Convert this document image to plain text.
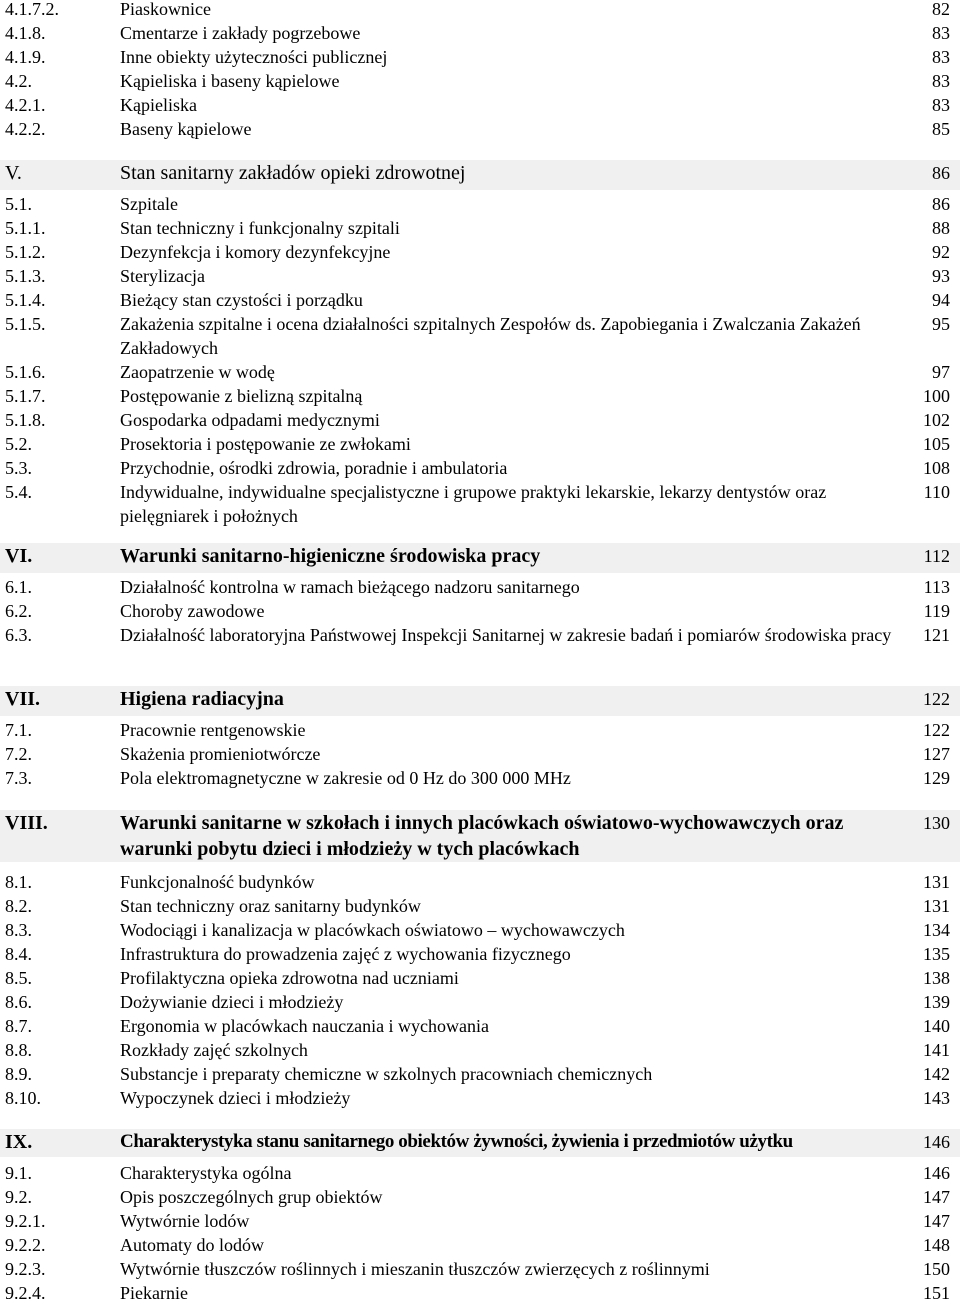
4.1.7.2.	Piaskownice	82
4.1.8.	Cmentarze i zakłady pogrzebowe	83
4.1.9.	Inne obiekty użyteczności publicznej	83
4.2.	Kąpieliska i baseny kąpielowe	83
4.2.1.	Kąpieliska	83
4.2.2.	Baseny kąpielowe	85
V.	Stan sanitarny zakładów opieki zdrowotnej	86
5.1.	Szpitale	86
5.1.1.	Stan techniczny i funkcjonalny szpitali	88
5.1.2.	Dezynfekcja i komory dezynfekcyjne	92
5.1.3.	Sterylizacja	93
5.1.4.	Bieżący stan czystości i porządku	94
5.1.5.	Zakażenia szpitalne i ocena działalności szpitalnych Zespołów ds. Zapobiegania i Zwalczania Zakażeń Zakładowych
95
5.1.6.	Zaopatrzenie w wodę	97
5.1.7.	Postępowanie z bielizną szpitalną	100
5.1.8.	Gospodarka odpadami medycznymi	102
5.2.	Prosektoria i postępowanie ze zwłokami	105
5.3.	Przychodnie, ośrodki zdrowia, poradnie i ambulatoria	108
5.4.	Indywidualne, indywidualne specjalistyczne i grupowe praktyki lekarskie, lekarzy dentystów oraz pielęgniarek i położnych
110
VI.	Warunki sanitarno-higieniczne środowiska pracy	112
6.1.	Działalność kontrolna w ramach bieżącego nadzoru sanitarnego	113
6.2.	Choroby zawodowe	119
6.3.	Działalność laboratoryjna Państwowej Inspekcji Sanitarnej w zakresie badań i pomiarów środowiska pracy	121
VII.	Higiena radiacyjna	122
7.1.	Pracownie rentgenowskie	122
7.2.	Skażenia promieniotwórcze	127
7.3.	Pola elektromagnetyczne w zakresie od 0 Hz do 300 000 MHz	129
VIII.	Warunki sanitarne w szkołach i innych placówkach oświatowo-wychowawczych oraz warunki pobytu dzieci i młodzieży w tych placówkach
130
8.1.	Funkcjonalność budynków	131
8.2.	Stan techniczny oraz sanitarny budynków	131
8.3.	Wodociągi i kanalizacja w placówkach oświatowo – wychowawczych	134
8.4.	Infrastruktura do prowadzenia zajęć z wychowania fizycznego	135
8.5.	Profilaktyczna opieka zdrowotna nad uczniami	138
8.6.	Dożywianie dzieci i młodzieży	139
8.7.	Ergonomia w placówkach nauczania i wychowania	140
8.8.	Rozkłady zajęć szkolnych	141
8.9.	Substancje i preparaty chemiczne w szkolnych pracowniach chemicznych	142
8.10.	Wypoczynek dzieci i młodzieży	143
IX.	Charakterystyka stanu sanitarnego obiektów żywności, żywienia i przedmiotów użytku	146
9.1.	Charakterystyka ogólna	146
9.2.	Opis poszczególnych grup obiektów	147
9.2.1.	Wytwórnie lodów	147
9.2.2.	Automaty do lodów	148
9.2.3.	Wytwórnie tłuszczów roślinnych i mieszanin tłuszczów zwierzęcych z roślinnymi	150
9.2.4.	Piekarnie	151
